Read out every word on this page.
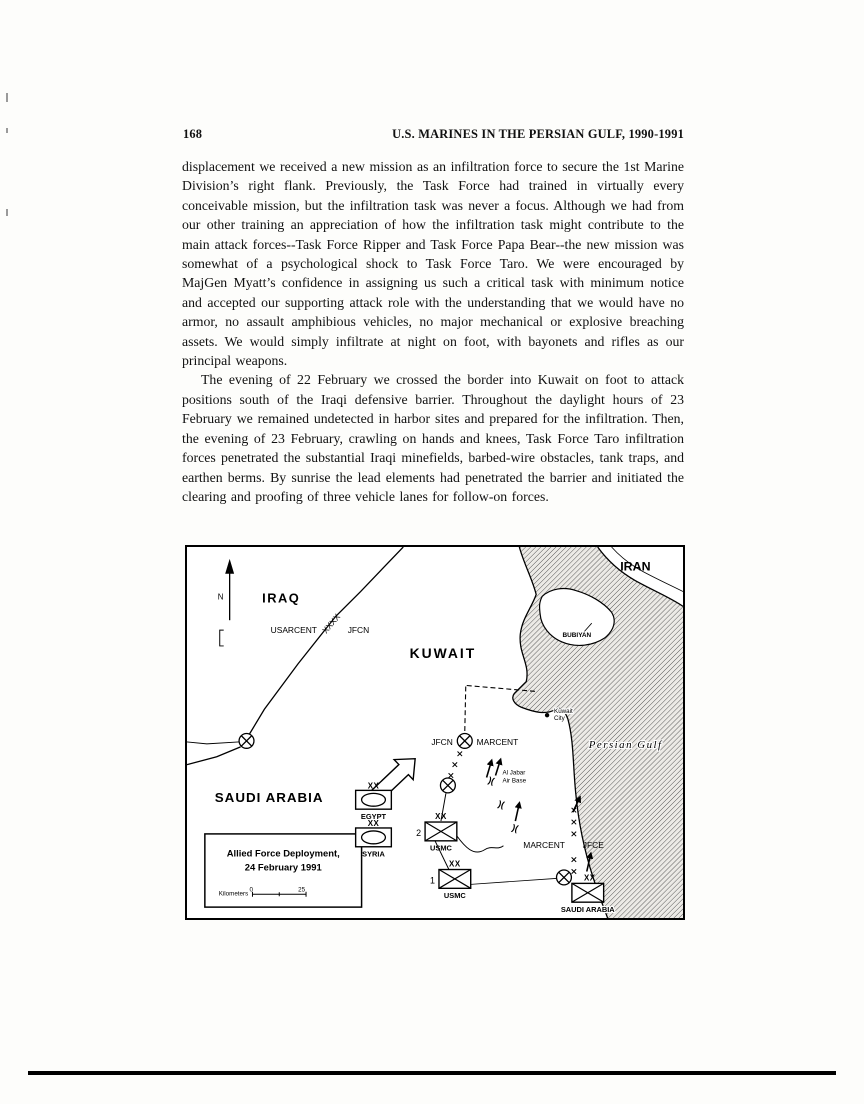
168	U.S. MARINES IN THE PERSIAN GULF, 1990-1991

displacement we received a new mission as an infiltration force to secure the 1st Marine Division’s right flank. Previously, the Task Force had trained in virtually every conceivable mission, but the infiltration task was never a focus. Although we had from our other training an appreciation of how the infiltration task might contribute to the main attack forces--Task Force Ripper and Task Force Papa Bear--the new mission was somewhat of a psychological shock to Task Force Taro. We were encouraged by MajGen Myatt’s confidence in assigning us such a critical task with minimum notice and accepted our supporting attack role with the understanding that we would have no armor, no assault amphibious vehicles, no major mechanical or explosive breaching assets. We would simply infiltrate at night on foot, with bayonets and rifles as our principal weapons.

The evening of 22 February we crossed the border into Kuwait on foot to attack positions south of the Iraqi defensive barrier. Throughout the daylight hours of 23 February we remained undetected in harbor sites and prepared for the infiltration. Then, the evening of 23 February, crawling on hands and knees, Task Force Taro infiltration forces penetrated the substantial Iraqi minefields, barbed-wire obstacles, tank traps, and earthen berms. By sunrise the lead elements had penetrated the barrier and initiated the clearing and proofing of three vehicle lanes for follow-on forces.

)(
)(
)(
N
Allied Force Deployment,
24 February 1991
Kilometers
0	25
XX
EGYPT
XX
SYRIA
XX
2
USMC
XX
1
USMC
XX
SAUDI ARABIA
IRAN
IRAQ
KUWAIT
SAUDI ARABIA
Persian Gulf
BUBIYAN
Kuwait
City
Al Jabar
Air Base
USARCENT XXXX JFCN
JFCN	MARCENT
MARCENT JFCE
